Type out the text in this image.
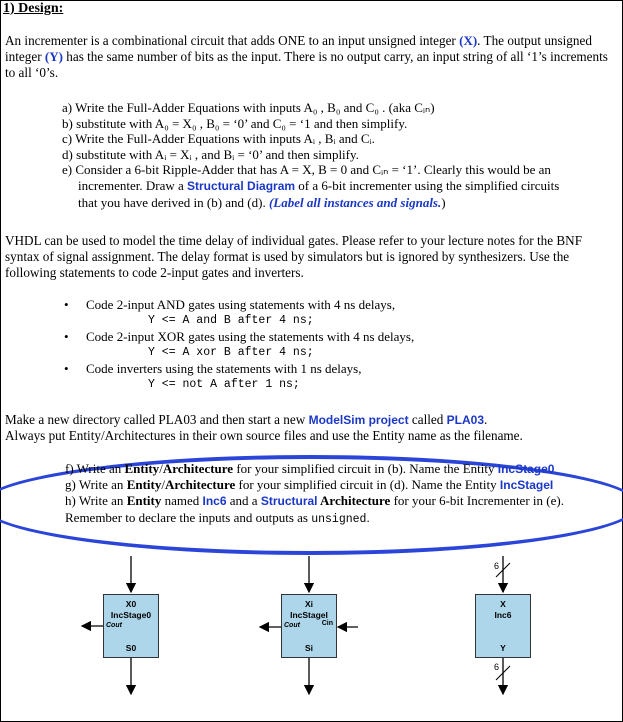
1) Design:
An incrementer is a combinational circuit that adds ONE to an input unsigned integer (X). The output unsigned integer (Y) has the same number of bits as the input. There is no output carry, an input string of all ‘1’s increments to all ‘0’s.
a) Write the Full-Adder Equations with inputs A₀ , B₀ and C₀ . (aka Cᵢₙ)
b) substitute with A₀ = X₀ , B₀ = ‘0’ and C₀ = ‘1 and then simplify.
c) Write the Full-Adder Equations with inputs Aᵢ , Bᵢ and Cᵢ.
d) substitute with Aᵢ = Xᵢ , and Bᵢ = ‘0’ and then simplify.
e) Consider a 6-bit Ripple-Adder that has A = X, B = 0 and Cᵢₙ = ‘1’. Clearly this would be an
incrementer. Draw a Structural Diagram of a 6-bit incrementer using the simplified circuits
that you have derived in (b) and (d). (Label all instances and signals.)
VHDL can be used to model the time delay of individual gates. Please refer to your lecture notes for the BNF syntax of signal assignment. The delay format is used by simulators but is ignored by synthesizers. Use the following statements to code 2-input gates and inverters.
• Code 2-input AND gates using statements with 4 ns delays,
Y <= A and B after 4 ns;
• Code 2-input XOR gates using the statements with 4 ns delays,
Y <= A xor B after 4 ns;
• Code inverters using the statements with 1 ns delays,
Y <= not A after 1 ns;
Make a new directory called PLA03 and then start a new ModelSim project called PLA03.
Always put Entity/Architectures in their own source files and use the Entity name as the filename.
f) Write an Entity/Architecture for your simplified circuit in (b). Name the Entity IncStage0
g) Write an Entity/Architecture for your simplified circuit in (d). Name the Entity IncStageI
h) Write an Entity named Inc6 and a Structural Architecture for your 6-bit Incrementer in (e).
Remember to declare the inputs and outputs as unsigned.
6
6
X0
IncStage0
Cout
S0
Xi
IncStageI
Cout	Cin
Si
X
Inc6
Y
